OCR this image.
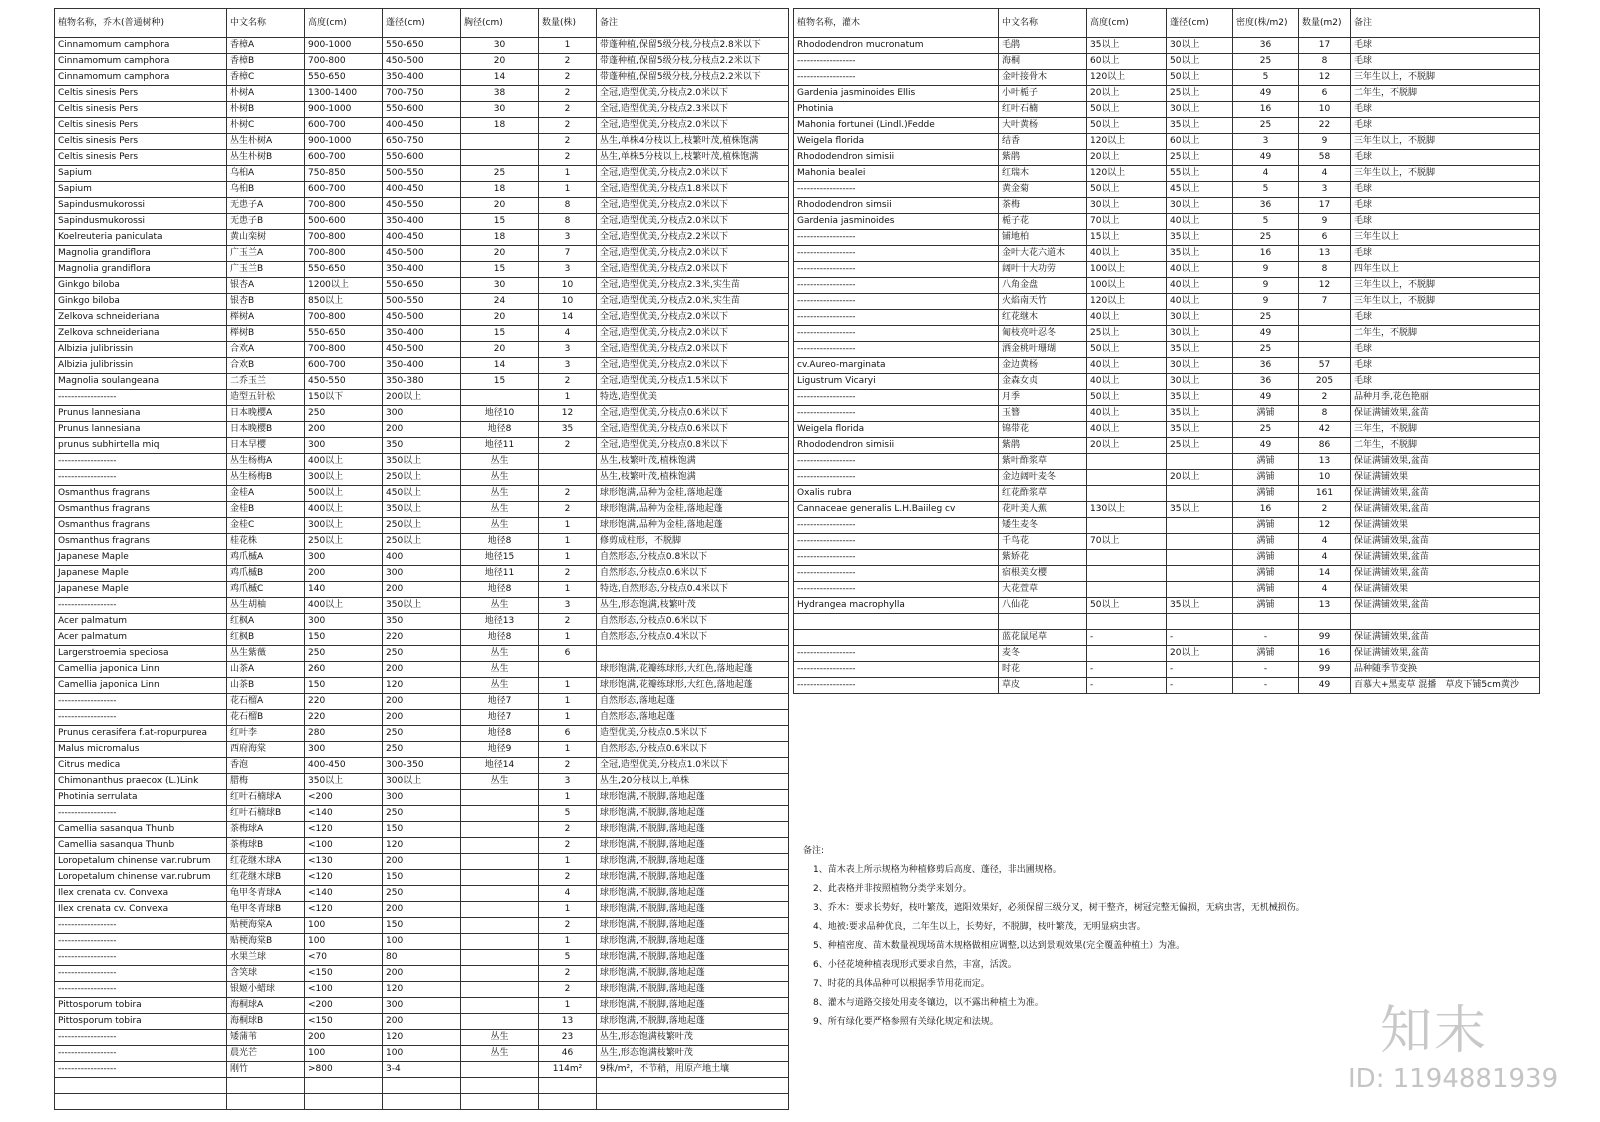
植物名称，乔木(普通树种)	中文名称	高度(cm)	蓬径(cm)	胸径(cm)	数量(株)	备注
Cinnamomum camphora	香樟A	900-1000	550-650	30	1	带蓬种植,保留5级分枝,分枝点2.8米以下
Cinnamomum camphora	香樟B	700-800	450-500	20	2	带蓬种植,保留5级分枝,分枝点2.2米以下
Cinnamomum camphora	香樟C	550-650	350-400	14	2	带蓬种植,保留5级分枝,分枝点2.2米以下
Celtis sinesis Pers	朴树A	1300-1400	700-750	38	2	全冠,造型优美,分枝点2.0米以下
Celtis sinesis Pers	朴树B	900-1000	550-600	30	2	全冠,造型优美,分枝点2.3米以下
Celtis sinesis Pers	朴树C	600-700	400-450	18	2	全冠,造型优美,分枝点2.0米以下
Celtis sinesis Pers	丛生朴树A	900-1000	650-750		2	丛生,单株4分枝以上,枝繁叶茂,植株饱满
Celtis sinesis Pers	丛生朴树B	600-700	550-600		2	丛生,单株5分枝以上,枝繁叶茂,植株饱满
Sapium	乌桕A	750-850	500-550	25	1	全冠,造型优美,分枝点2.0米以下
Sapium	乌桕B	600-700	400-450	18	1	全冠,造型优美,分枝点1.8米以下
Sapindusmukorossi	无患子A	700-800	450-550	20	8	全冠,造型优美,分枝点2.0米以下
Sapindusmukorossi	无患子B	500-600	350-400	15	8	全冠,造型优美,分枝点2.0米以下
Koelreuteria paniculata	黄山栾树	700-800	400-450	18	3	全冠,造型优美,分枝点2.2米以下
Magnolia grandiflora	广玉兰A	700-800	450-500	20	7	全冠,造型优美,分枝点2.0米以下
Magnolia grandiflora	广玉兰B	550-650	350-400	15	3	全冠,造型优美,分枝点2.0米以下
Ginkgo biloba	银杏A	1200以上	550-650	30	10	全冠,造型优美,分枝点2.3米,实生苗
Ginkgo biloba	银杏B	850以上	500-550	24	10	全冠,造型优美,分枝点2.0米,实生苗
Zelkova schneideriana	榉树A	700-800	450-500	20	14	全冠,造型优美,分枝点2.0米以下
Zelkova schneideriana	榉树B	550-650	350-400	15	4	全冠,造型优美,分枝点2.0米以下
Albizia julibrissin	合欢A	700-800	450-500	20	3	全冠,造型优美,分枝点2.0米以下
Albizia julibrissin	合欢B	600-700	350-400	14	3	全冠,造型优美,分枝点2.0米以下
Magnolia soulangeana	二乔玉兰	450-550	350-380	15	2	全冠,造型优美,分枝点1.5米以下
------------------	造型五针松	150以下	200以上		1	特选,造型优美
Prunus lannesiana	日本晚樱A	250	300	地径10	12	全冠,造型优美,分枝点0.6米以下
Prunus lannesiana	日本晚樱B	200	200	地径8	35	全冠,造型优美,分枝点0.6米以下
prunus subhirtella miq	日本早樱	300	350	地径11	2	全冠,造型优美,分枝点0.8米以下
------------------	丛生杨梅A	400以上	350以上	丛生		丛生,枝繁叶茂,植株饱满
------------------	丛生杨梅B	300以上	250以上	丛生		丛生,枝繁叶茂,植株饱满
Osmanthus fragrans	金桂A	500以上	450以上	丛生	2	球形饱满,品种为金桂,落地起蓬
Osmanthus fragrans	金桂B	400以上	350以上	丛生	2	球形饱满,品种为金桂,落地起蓬
Osmanthus fragrans	金桂C	300以上	250以上	丛生	1	球形饱满,品种为金桂,落地起蓬
Osmanthus fragrans	桂花株	250以上	250以上	地径8	1	修剪成柱形，不脱脚
Japanese Maple	鸡爪槭A	300	400	地径15	1	自然形态,分枝点0.8米以下
Japanese Maple	鸡爪槭B	200	300	地径11	2	自然形态,分枝点0.6米以下
Japanese Maple	鸡爪槭C	140	200	地径8	1	特选,自然形态,分枝点0.4米以下
------------------	丛生胡柚	400以上	350以上	丛生	3	丛生,形态饱满,枝繁叶茂
Acer palmatum	红枫A	300	350	地径13	2	自然形态,分枝点0.6米以下
Acer palmatum	红枫B	150	220	地径8	1	自然形态,分枝点0.4米以下
Largerstroemia speciosa	丛生紫薇	250	250	丛生	6	
Camellia japonica Linn	山茶A	260	200	丛生		球形饱满,花瓣练球形,大红色,落地起蓬
Camellia japonica Linn	山茶B	150	120	丛生	1	球形饱满,花瓣练球形,大红色,落地起蓬
------------------	花石榴A	220	200	地径7	1	自然形态,落地起蓬
------------------	花石榴B	220	200	地径7	1	自然形态,落地起蓬
Prunus cerasifera f.at-ropurpurea	红叶李	280	250	地径8	6	造型优美,分枝点0.5米以下
Malus micromalus	西府海棠	300	250	地径9	1	自然形态,分枝点0.6米以下
Citrus medica	香泡	400-450	300-350	地径14	2	全冠,造型优美,分枝点1.0米以下
Chimonanthus praecox (L.)Link	腊梅	350以上	300以上	丛生	3	丛生,20分枝以上,单株
Photinia serrulata	红叶石楠球A	<200	300		1	球形饱满,不脱脚,落地起蓬
------------------	红叶石楠球B	<140	250		5	球形饱满,不脱脚,落地起蓬
Camellia sasanqua Thunb	茶梅球A	<120	150		2	球形饱满,不脱脚,落地起蓬
Camellia sasanqua Thunb	茶梅球B	<100	120		2	球形饱满,不脱脚,落地起蓬
Loropetalum chinense var.rubrum	红花继木球A	<130	200		1	球形饱满,不脱脚,落地起蓬
Loropetalum chinense var.rubrum	红花继木球B	<120	150		2	球形饱满,不脱脚,落地起蓬
Ilex crenata cv. Convexa	龟甲冬青球A	<140	250		4	球形饱满,不脱脚,落地起蓬
Ilex crenata cv. Convexa	龟甲冬青球B	<120	200		1	球形饱满,不脱脚,落地起蓬
------------------	贴梗海棠A	100	150		2	球形饱满,不脱脚,落地起蓬
------------------	贴梗海棠B	100	100		1	球形饱满,不脱脚,落地起蓬
------------------	水果兰球	<70	80		5	球形饱满,不脱脚,落地起蓬
------------------	含笑球	<150	200		2	球形饱满,不脱脚,落地起蓬
------------------	银姬小蜡球	<100	120		2	球形饱满,不脱脚,落地起蓬
Pittosporum tobira	海桐球A	<200	300		1	球形饱满,不脱脚,落地起蓬
Pittosporum tobira	海桐球B	<150	200		13	球形饱满,不脱脚,落地起蓬
------------------	矮蒲苇	200	120	丛生	23	丛生,形态饱满枝繁叶茂
------------------	晨光芒	100	100	丛生	46	丛生,形态饱满枝繁叶茂
------------------	刚竹	>800	3-4		114m²	9株/m²，不节稍，用原产地土壤

植物名称，灌木	中文名称	高度(cm)	蓬径(cm)	密度(株/m2)	数量(m2)	备注
Rhododendron mucronatum	毛鹃	35以上	30以上	36	17	毛球
------------------	海桐	60以上	50以上	25	8	毛球
------------------	金叶接骨木	120以上	50以上	5	12	三年生以上，不脱脚
Gardenia jasminoides Ellis	小叶栀子	20以上	25以上	49	6	二年生，不脱脚
Photinia	红叶石楠	50以上	30以上	16	10	毛球
Mahonia fortunei (Lindl.)Fedde	大叶黄杨	50以上	35以上	25	22	毛球
Weigela florida	结香	120以上	60以上	3	9	三年生以上，不脱脚
Rhododendron simisii	紫鹃	20以上	25以上	49	58	毛球
Mahonia bealei	红瑞木	120以上	55以上	4	4	三年生以上，不脱脚
------------------	黄金菊	50以上	45以上	5	3	毛球
Rhododendron simsii	茶梅	30以上	30以上	36	17	毛球
Gardenia jasminoides	栀子花	70以上	40以上	5	9	毛球
------------------	铺地柏	15以上	35以上	25	6	三年生以上
------------------	金叶大花六道木	40以上	35以上	16	13	毛球
------------------	阔叶十大功劳	100以上	40以上	9	8	四年生以上
------------------	八角金盘	100以上	40以上	9	12	三年生以上，不脱脚
------------------	火焰南天竹	120以上	40以上	9	7	三年生以上，不脱脚
------------------	红花继木	40以上	30以上	25		毛球
------------------	匍枝亮叶忍冬	25以上	30以上	49		二年生，不脱脚
------------------	洒金桃叶珊瑚	50以上	35以上	25		毛球
cv.Aureo-marginata	金边黄杨	40以上	30以上	36	57	毛球
Ligustrum Vicaryi	金森女贞	40以上	30以上	36	205	毛球
------------------	月季	50以上	35以上	49	2	品种月季,花色艳丽
------------------	玉簪	40以上	35以上	满铺	8	保证满铺效果,盆苗
Weigela florida	锦带花	40以上	35以上	25	42	三年生，不脱脚
Rhododendron simisii	紫鹃	20以上	25以上	49	86	二年生，不脱脚
------------------	紫叶酢浆草			满铺	13	保证满铺效果,盆苗
------------------	金边阔叶麦冬		20以上	满铺	10	保证满铺效果
Oxalis rubra	红花酢浆草			满铺	161	保证满铺效果,盆苗
Cannaceae generalis L.H.Baiileg cv	花叶美人蕉	130以上	35以上	16	2	保证满铺效果,盆苗
------------------	矮生麦冬			满铺	12	保证满铺效果
------------------	千鸟花	70以上		满铺	4	保证满铺效果,盆苗
------------------	紫娇花			满铺	4	保证满铺效果,盆苗
------------------	宿根美女樱			满铺	14	保证满铺效果,盆苗
------------------	大花萱草			满铺	4	保证满铺效果
Hydrangea macrophylla	八仙花	50以上	35以上	满铺	13	保证满铺效果,盆苗

	蓝花鼠尾草	-	-	-	99	保证满铺效果,盆苗
------------------	麦冬		20以上	满铺	16	保证满铺效果,盆苗
------------------	时花	-	-	-	99	品种随季节变换
------------------	草皮	-	-	-	49	百慕大+黑麦草 混播　草皮下铺5cm黄沙
备注:
1、苗木表上所示规格为种植修剪后高度、蓬径，非出圃规格。
2、此表格并非按照植物分类学来划分。
3、乔木：要求长势好，枝叶繁茂，遮阳效果好，必须保留三级分叉，树干整齐，树冠完整无偏损，无病虫害，无机械损伤。
4、地被:要求品种优良，二年生以上，长势好，不脱脚，枝叶繁茂，无明显病虫害。
5、种植密度、苗木数量视现场苗木规格做相应调整,以达到景观效果(完全覆盖种植土）为准。
6、小径花境种植表现形式要求自然，丰富，活泼。
7、时花的具体品种可以根据季节用花而定。
8、灌木与道路交接处用麦冬镶边，以不露出种植土为准。
9、所有绿化要严格参照有关绿化规定和法规。	知末
ID: 1194881939
